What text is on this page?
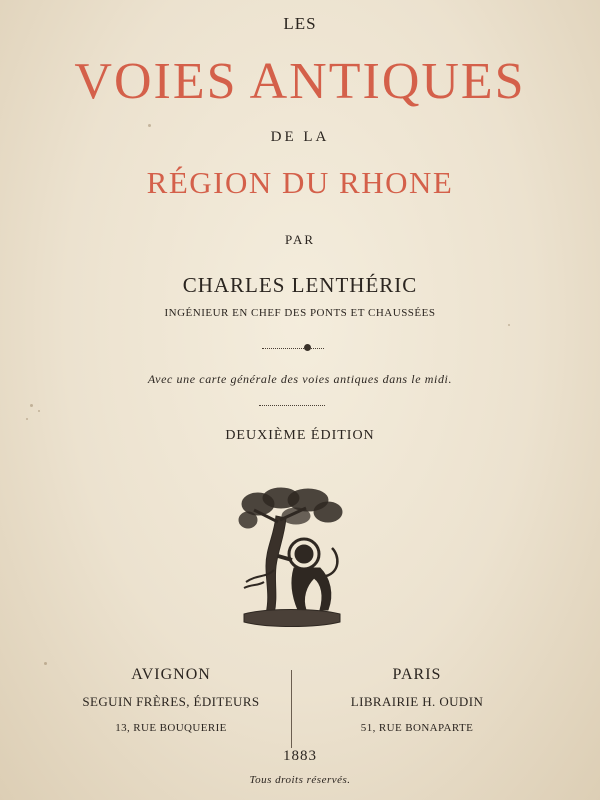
LES
VOIES ANTIQUES
DE LA
RÉGION DU RHONE
PAR
CHARLES LENTHÉRIC
INGÉNIEUR EN CHEF DES PONTS ET CHAUSSÉES
Avec une carte générale des voies antiques dans le midi.
DEUXIÈME ÉDITION
AVIGNON
SEGUIN FRÈRES, ÉDITEURS
13, RUE BOUQUERIE
PARIS
LIBRAIRIE H. OUDIN
51, RUE BONAPARTE
1883
Tous droits réservés.
